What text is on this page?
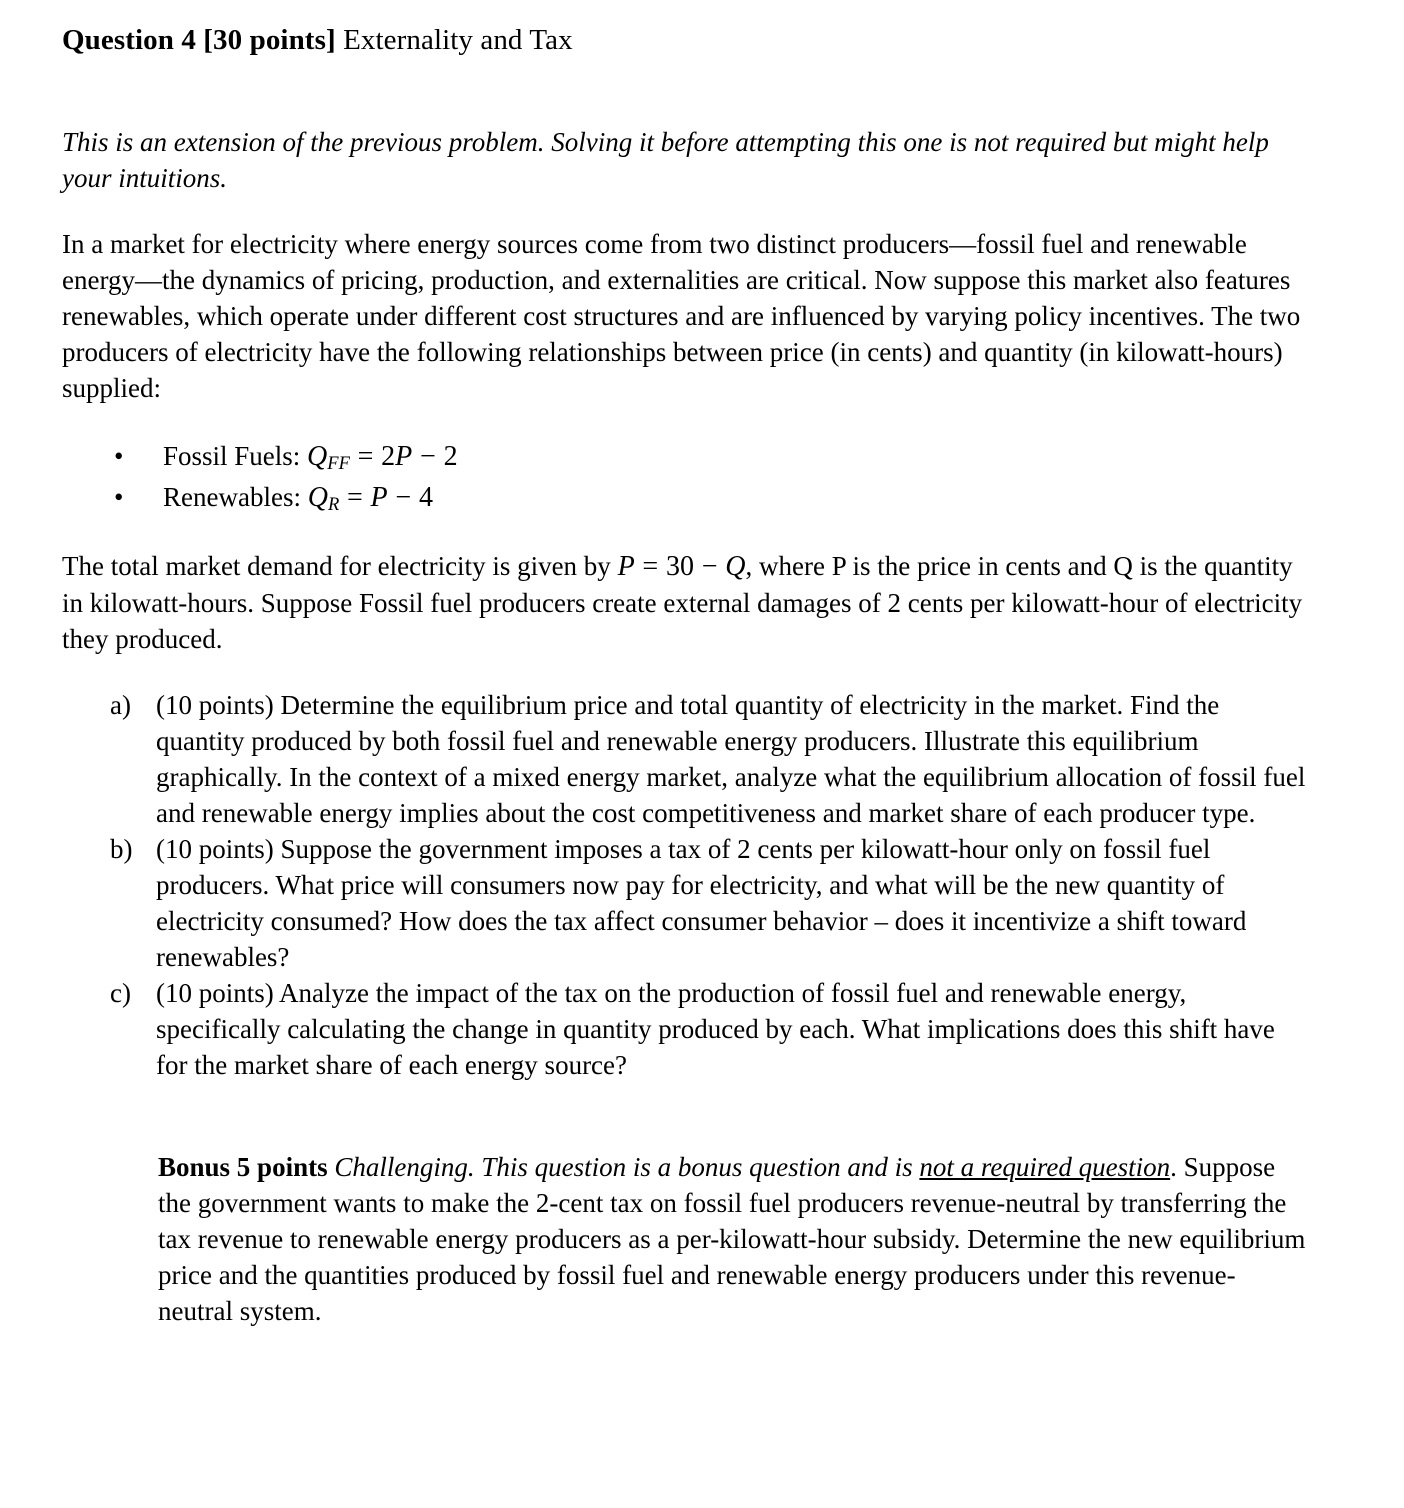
Question 4 [30 points] Externality and Tax

This is an extension of the previous problem. Solving it before attempting this one is not required but might help your intuitions.

In a market for electricity where energy sources come from two distinct producers—fossil fuel and renewable energy—the dynamics of pricing, production, and externalities are critical. Now suppose this market also features renewables, which operate under different cost structures and are influenced by varying policy incentives. The two producers of electricity have the following relationships between price (in cents) and quantity (in kilowatt-hours) supplied:

• Fossil Fuels: $Q_{FF} = 2P - 2$
• Renewables: $Q_R = P - 4$

The total market demand for electricity is given by P = 30 − Q, where P is the price in cents and Q is the quantity in kilowatt-hours. Suppose Fossil fuel producers create external damages of 2 cents per kilowatt-hour of electricity they produced.

a) (10 points) Determine the equilibrium price and total quantity of electricity in the market. Find the quantity produced by both fossil fuel and renewable energy producers. Illustrate this equilibrium graphically. In the context of a mixed energy market, analyze what the equilibrium allocation of fossil fuel and renewable energy implies about the cost competitiveness and market share of each producer type.
b) (10 points) Suppose the government imposes a tax of 2 cents per kilowatt-hour only on fossil fuel producers. What price will consumers now pay for electricity, and what will be the new quantity of electricity consumed? How does the tax affect consumer behavior – does it incentivize a shift toward renewables?
c) (10 points) Analyze the impact of the tax on the production of fossil fuel and renewable energy, specifically calculating the change in quantity produced by each. What implications does this shift have for the market share of each energy source?

Bonus 5 points Challenging. This question is a bonus question and is not a required question. Suppose the government wants to make the 2-cent tax on fossil fuel producers revenue-neutral by transferring the tax revenue to renewable energy producers as a per-kilowatt-hour subsidy. Determine the new equilibrium price and the quantities produced by fossil fuel and renewable energy producers under this revenue-neutral system.
